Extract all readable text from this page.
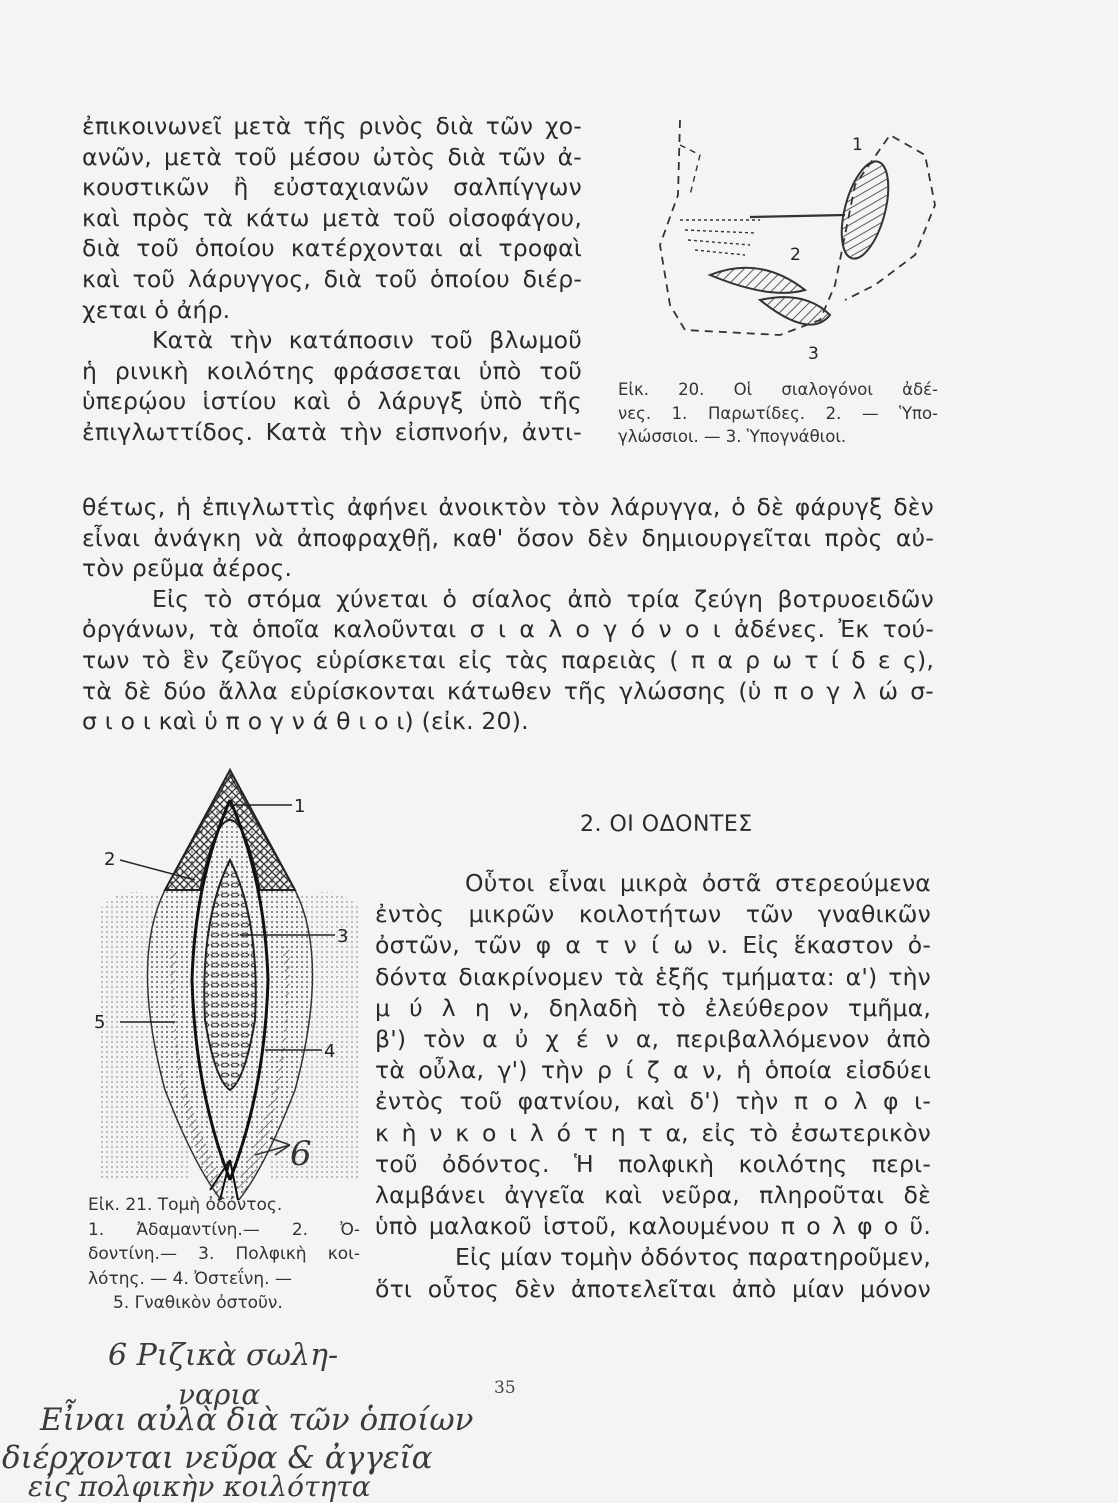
ἐπικοινωνεῖ μετὰ τῆς ρινὸς διὰ τῶν χο-
ανῶν, μετὰ τοῦ μέσου ὠτὸς διὰ τῶν ἀ-
κουστικῶν ἢ εὐσταχιανῶν σαλπίγγων
καὶ πρὸς τὰ κάτω μετὰ τοῦ οἰσοφάγου,
διὰ τοῦ ὁποίου κατέρχονται αἱ τροφαὶ
καὶ τοῦ λάρυγγος, διὰ τοῦ ὁποίου διέρ-
χεται ὁ ἀήρ.
Κατὰ τὴν κατάποσιν τοῦ βλωμοῦ
ἡ ρινικὴ κοιλότης φράσσεται ὑπὸ τοῦ
ὑπερῴου ἱστίου καὶ ὁ λάρυγξ ὑπὸ τῆς
ἐπιγλωττίδος. Κατὰ τὴν εἰσπνοήν, ἀντι-
1
2
3
Εἰκ. 20. Οἱ σιαλογόνοι ἀδέ-
νες. 1. Παρωτίδες. 2. — Ὑπο-
γλώσσιοι. — 3. Ὑπογνάθιοι.
θέτως, ἡ ἐπιγλωττὶς ἀφήνει ἀνοικτὸν τὸν λάρυγγα, ὁ δὲ φάρυγξ δὲν
εἶναι ἀνάγκη νὰ ἀποφραχθῇ, καθ' ὅσον δὲν δημιουργεῖται πρὸς αὐ-
τὸν ρεῦμα ἀέρος.
Εἰς τὸ στόμα χύνεται ὁ σίαλος ἀπὸ τρία ζεύγη βοτρυοειδῶν
ὀργάνων, τὰ ὁποῖα καλοῦνται σ ι α λ ο γ ό ν ο ι ἀδένες. Ἐκ τού-
των τὸ ἓν ζεῦγος εὑρίσκεται εἰς τὰς παρειὰς ( π α ρ ω τ ί δ ε ς),
τὰ δὲ δύο ἄλλα εὑρίσκονται κάτωθεν τῆς γλώσσης (ὑ π ο γ λ ώ σ-
σ ι ο ι καὶ ὑ π ο γ ν ά θ ι ο ι) (εἰκ. 20).
1
2
3
4
5
6
Εἰκ. 21. Τομὴ ὀδόντος.
1. Ἀδαμαντίνη.— 2. Ὀ-
δοντίνη.— 3. Πολφικὴ κοι-
λότης. — 4. Ὀστεΐνη. —
5. Γναθικὸν ὀστοῦν.
2. ΟΙ ΟΔΟΝΤΕΣ
Οὗτοι εἶναι μικρὰ ὀστᾶ στερεούμενα
ἐντὸς μικρῶν κοιλοτήτων τῶν γναθικῶν
ὀστῶν, τῶν φ α τ ν ί ω ν. Εἰς ἕκαστον ὀ-
δόντα διακρίνομεν τὰ ἑξῆς τμήματα: α') τὴν
μ ύ λ η ν, δηλαδὴ τὸ ἐλεύθερον τμῆμα,
β') τὸν α ὐ χ έ ν α, περιβαλλόμενον ἀπὸ
τὰ οὖλα, γ') τὴν ρ ί ζ α ν, ἡ ὁποία εἰσδύει
ἐντὸς τοῦ φατνίου, καὶ δ') τὴν π ο λ φ ι-
κ ὴ ν κ ο ι λ ό τ η τ α, εἰς τὸ ἐσωτερικὸν
τοῦ ὀδόντος. Ἡ πολφικὴ κοιλότης περι-
λαμβάνει ἀγγεῖα καὶ νεῦρα, πληροῦται δὲ
ὑπὸ μαλακοῦ ἱστοῦ, καλουμένου π ο λ φ ο ῦ.
Εἰς μίαν τομὴν ὀδόντος παρατηροῦμεν,
ὅτι οὗτος δὲν ἀποτελεῖται ἀπὸ μίαν μόνον
35
6 Ριζικὰ σωλη-
ναρια
Εἶναι αὐλὰ διὰ τῶν ὁποίων
διέρχονται νεῦρα & ἀγγεῖα
εἰς πολφικὴν κοιλότητα
